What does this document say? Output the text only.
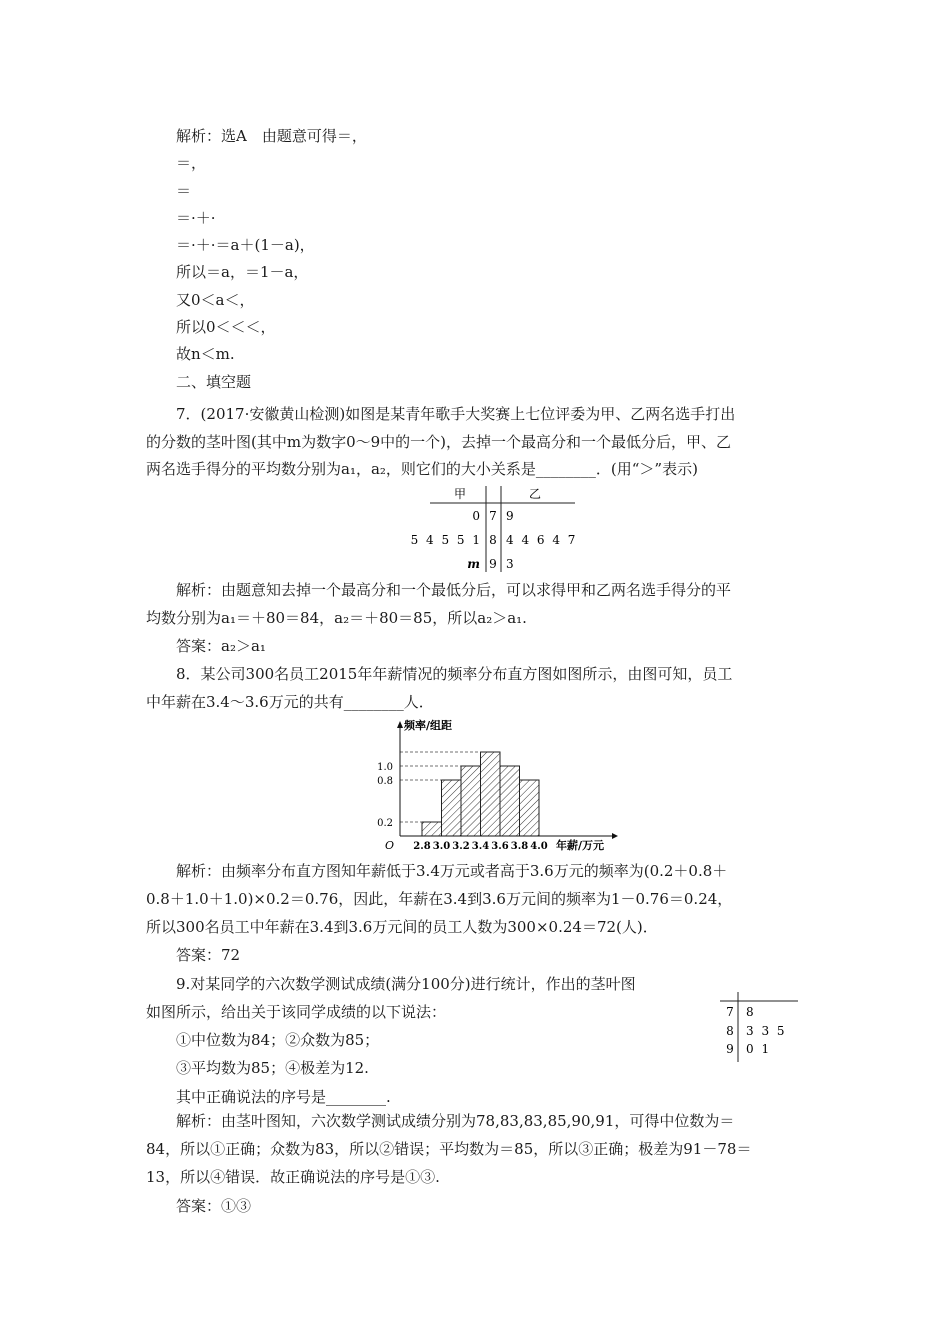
解析：选A　由题意可得＝，
＝，
＝
＝·＋·
＝·＋·＝a＋(1－a)，
所以＝a，＝1－a，
又0＜a＜，
所以0＜＜＜，
故n＜m.
二、填空题
7．(2017·安徽黄山检测)如图是某青年歌手大奖赛上七位评委为甲、乙两名选手打出
的分数的茎叶图(其中m为数字0～9中的一个)，去掉一个最高分和一个最低分后，甲、乙
两名选手得分的平均数分别为a₁，a₂，则它们的大小关系是________．(用“＞”表示)
甲	乙
0 7 9
5 4 5 5 1 8 4 4 6 4 7
m 9 3
解析：由题意知去掉一个最高分和一个最低分后，可以求得甲和乙两名选手得分的平
均数分别为a₁＝＋80＝84，a₂＝＋80＝85，所以a₂＞a₁.
答案：a₂＞a₁
8．某公司300名员工2015年年薪情况的频率分布直方图如图所示，由图可知，员工
中年薪在3.4～3.6万元的共有________人．
频率/组距
年薪/万元
O 2.8 3.0 3.2 3.4 3.6 3.8 4.0
0.2
0.8
1.0
解析：由频率分布直方图知年薪低于3.4万元或者高于3.6万元的频率为(0.2＋0.8＋
0.8＋1.0＋1.0)×0.2＝0.76，因此，年薪在3.4到3.6万元间的频率为1－0.76＝0.24，
所以300名员工中年薪在3.4到3.6万元间的员工人数为300×0.24＝72(人)．
答案：72
9.对某同学的六次数学测试成绩(满分100分)进行统计，作出的茎叶图
如图所示，给出关于该同学成绩的以下说法：
①中位数为84；②众数为85；
③平均数为85；④极差为12.
其中正确说法的序号是________.
7 8
8 3 3 5
9 0 1
解析：由茎叶图知，六次数学测试成绩分别为78,83,83,85,90,91，可得中位数为＝
84，所以①正确；众数为83，所以②错误；平均数为＝85，所以③正确；极差为91－78＝
13，所以④错误．故正确说法的序号是①③.
答案：①③
